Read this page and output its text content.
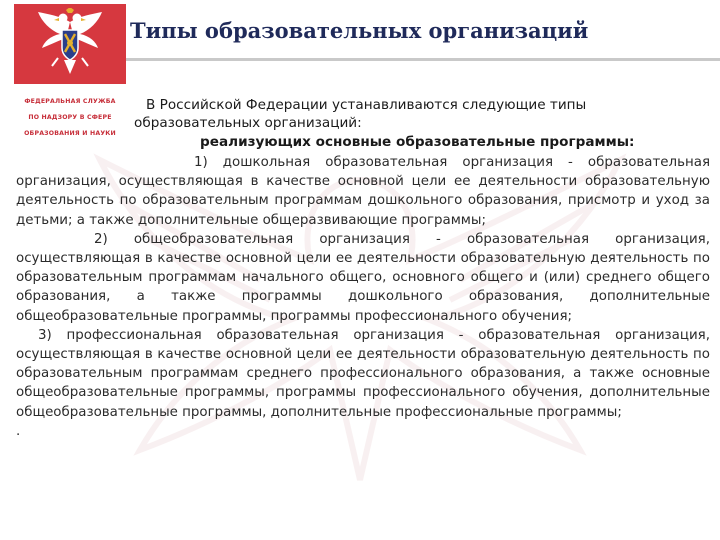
Типы образовательных организаций
ФЕДЕРАЛЬНАЯ СЛУЖБА
ПО НАДЗОРУ В СФЕРЕ
ОБРАЗОВАНИЯ И НАУКИ
В Российской Федерации устанавливаются следующие типы
образовательных организаций:
реализующих основные образовательные программы:

1) дошкольная образовательная организация - образовательная организация, осуществляющая в качестве основной цели ее деятельности образовательную деятельность по образовательным программам дошкольного образования, присмотр и уход за детьми; а также дополнительные общеразвивающие программы;

2) общеобразовательная организация - образовательная организация, осуществляющая в качестве основной цели ее деятельности образовательную деятельность по образовательным программам начального общего, основного общего и (или) среднего общего образования, а также программы дошкольного образования, дополнительные общеобразовательные программы, программы профессионального обучения;

3) профессиональная образовательная организация - образовательная организация, осуществляющая в качестве основной цели ее деятельности образовательную деятельность по образовательным программам среднего профессионального образования, а также основные общеобразовательные программы, программы профессионального обучения, дополнительные общеобразовательные программы, дополнительные профессиональные программы;

.
